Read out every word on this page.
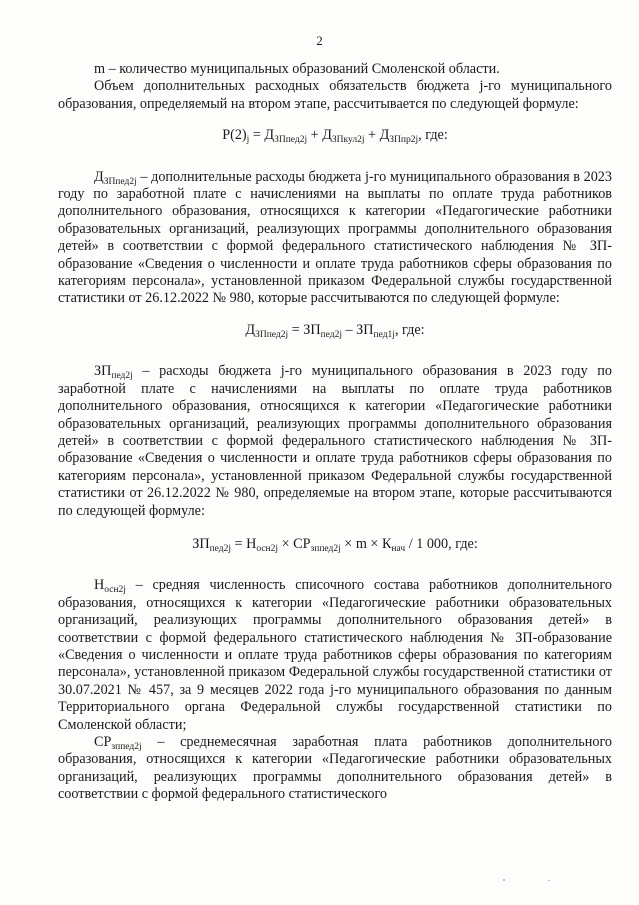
2

m – количество муниципальных образований Смоленской области.

Объем дополнительных расходных обязательств бюджета j-го муниципального образования, определяемый на втором этапе, рассчитывается по следующей формуле:

$P(2)_j = Д_{ЗПпед2j} + Д_{ЗПкул2j} + Д_{ЗПпр2j}$, где:

$Д_{ЗПпед2j}$ – дополнительные расходы бюджета j-го муниципального образования в 2023 году по заработной плате с начислениями на выплаты по оплате труда работников дополнительного образования, относящихся к категории «Педагогические работники образовательных организаций, реализующих программы дополнительного образования детей» в соответствии с формой федерального статистического наблюдения № ЗП-образование «Сведения о численности и оплате труда работников сферы образования по категориям персонала», установленной приказом Федеральной службы государственной статистики от 26.12.2022 № 980, которые рассчитываются по следующей формуле:

$Д_{ЗПпед2j} = ЗП_{пед2j} - ЗП_{пед1j}$, где:

$ЗП_{пед2j}$ – расходы бюджета j-го муниципального образования в 2023 году по заработной плате с начислениями на выплаты по оплате труда работников дополнительного образования, относящихся к категории «Педагогические работники образовательных организаций, реализующих программы дополнительного образования детей» в соответствии с формой федерального статистического наблюдения № ЗП-образование «Сведения о численности и оплате труда работников сферы образования по категориям персонала», установленной приказом Федеральной службы государственной статистики от 26.12.2022 № 980, определяемые на втором этапе, которые рассчитываются по следующей формуле:

$ЗП_{пед2j} = Н_{осн2j} \times СР_{зппед2j} \times m \times К_{нач} / 1$ 000, где:

$Н_{осн2j}$ – средняя численность списочного состава работников дополнительного образования, относящихся к категории «Педагогические работники образовательных организаций, реализующих программы дополнительного образования детей» в соответствии с формой федерального статистического наблюдения № ЗП-образование «Сведения о численности и оплате труда работников сферы образования по категориям персонала», установленной приказом Федеральной службы государственной статистики от 30.07.2021 № 457, за 9 месяцев 2022 года j-го муниципального образования по данным Территориального органа Федеральной службы государственной статистики по Смоленской области;

$СР_{зппед2j}$ – среднемесячная заработная плата работников дополнительного образования, относящихся к категории «Педагогические работники образовательных организаций, реализующих программы дополнительного образования детей» в соответствии с формой федерального статистического
